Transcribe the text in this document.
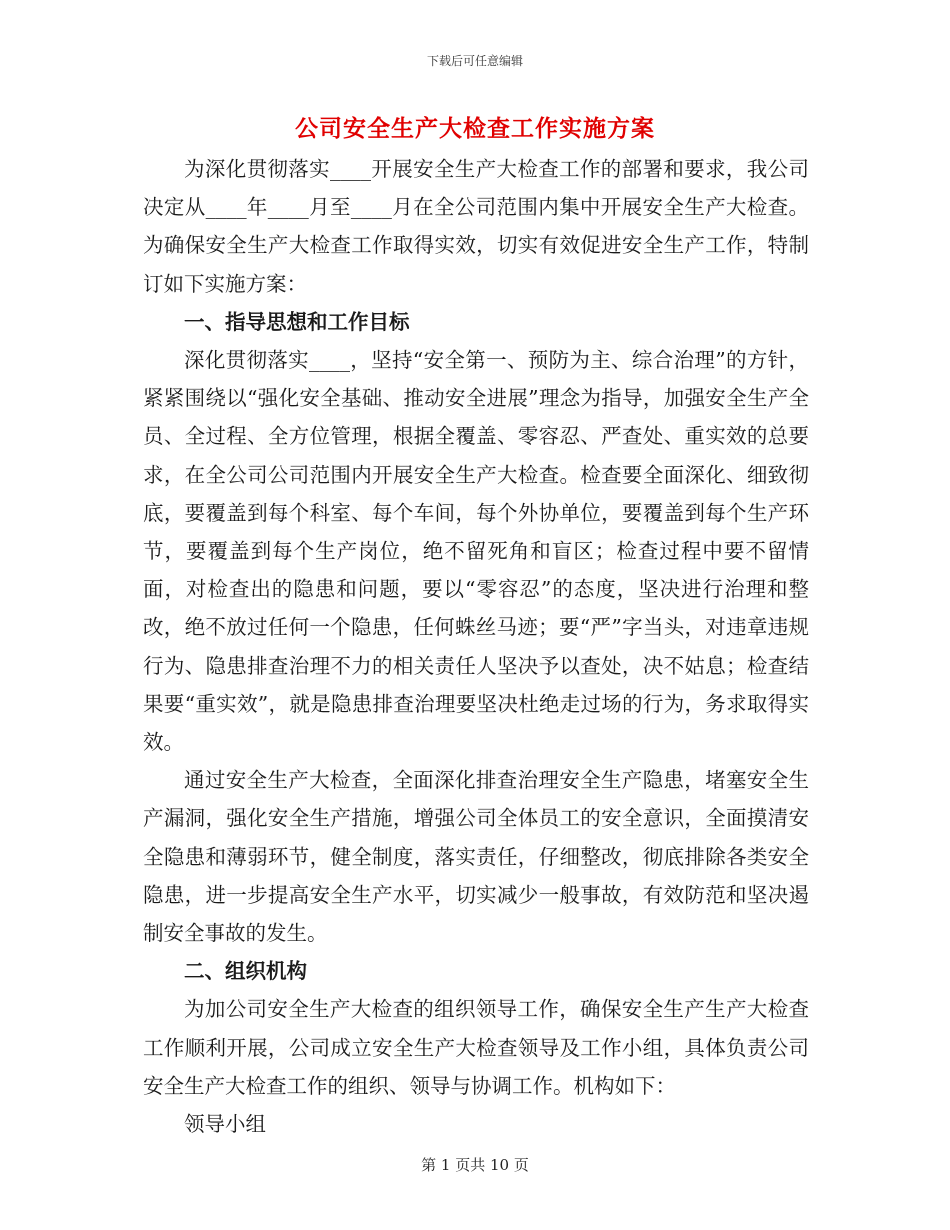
下载后可任意编辑
公司安全生产大检查工作实施方案

为深化贯彻落实____开展安全生产大检查工作的部署和要求，我公司决定从____年____月至____月在全公司范围内集中开展安全生产大检查。为确保安全生产大检查工作取得实效，切实有效促进安全生产工作，特制订如下实施方案：

一、指导思想和工作目标

深化贯彻落实____，坚持“安全第一、预防为主、综合治理”的方针，紧紧围绕以“强化安全基础、推动安全进展”理念为指导，加强安全生产全员、全过程、全方位管理，根据全覆盖、零容忍、严查处、重实效的总要求，在全公司公司范围内开展安全生产大检查。检查要全面深化、细致彻底，要覆盖到每个科室、每个车间，每个外协单位，要覆盖到每个生产环节，要覆盖到每个生产岗位，绝不留死角和盲区；检查过程中要不留情面，对检查出的隐患和问题，要以“零容忍”的态度，坚决进行治理和整改，绝不放过任何一个隐患，任何蛛丝马迹；要“严”字当头，对违章违规行为、隐患排查治理不力的相关责任人坚决予以查处，决不姑息；检查结果要“重实效”，就是隐患排查治理要坚决杜绝走过场的行为，务求取得实效。

通过安全生产大检查，全面深化排查治理安全生产隐患，堵塞安全生产漏洞，强化安全生产措施，增强公司全体员工的安全意识，全面摸清安全隐患和薄弱环节，健全制度，落实责任，仔细整改，彻底排除各类安全隐患，进一步提高安全生产水平，切实减少一般事故，有效防范和坚决遏制安全事故的发生。

二、组织机构

为加公司安全生产大检查的组织领导工作，确保安全生产生产大检查工作顺利开展，公司成立安全生产大检查领导及工作小组，具体负责公司安全生产大检查工作的组织、领导与协调工作。机构如下：

领导小组

第 1 页共 10 页
